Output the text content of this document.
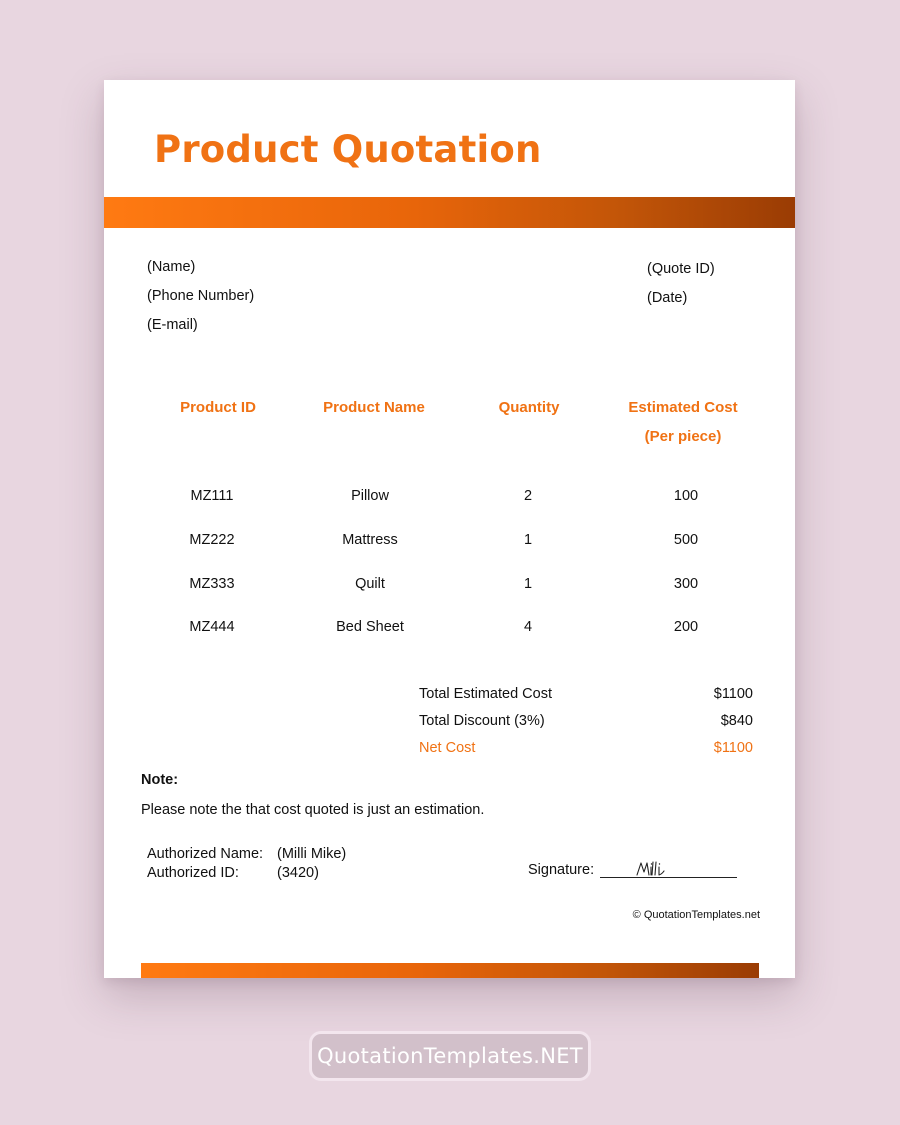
Product Quotation
(Name)
(Phone Number)
(E-mail)
(Quote ID)
(Date)
Product ID	Product Name	Quantity	Estimated Cost
(Per piece)
MZ111	Pillow	2	100
MZ222	Mattress	1	500
MZ333	Quilt	1	300
MZ444	Bed Sheet	4	200
Total Estimated Cost	$1100
Total Discount (3%)	$840
Net Cost	$1100
Note:
Please note the that cost quoted is just an estimation.
Authorized Name: (Milli Mike)
Authorized ID:	(3420)	Signature:
© QuotationTemplates.net
QuotationTemplates.NET
